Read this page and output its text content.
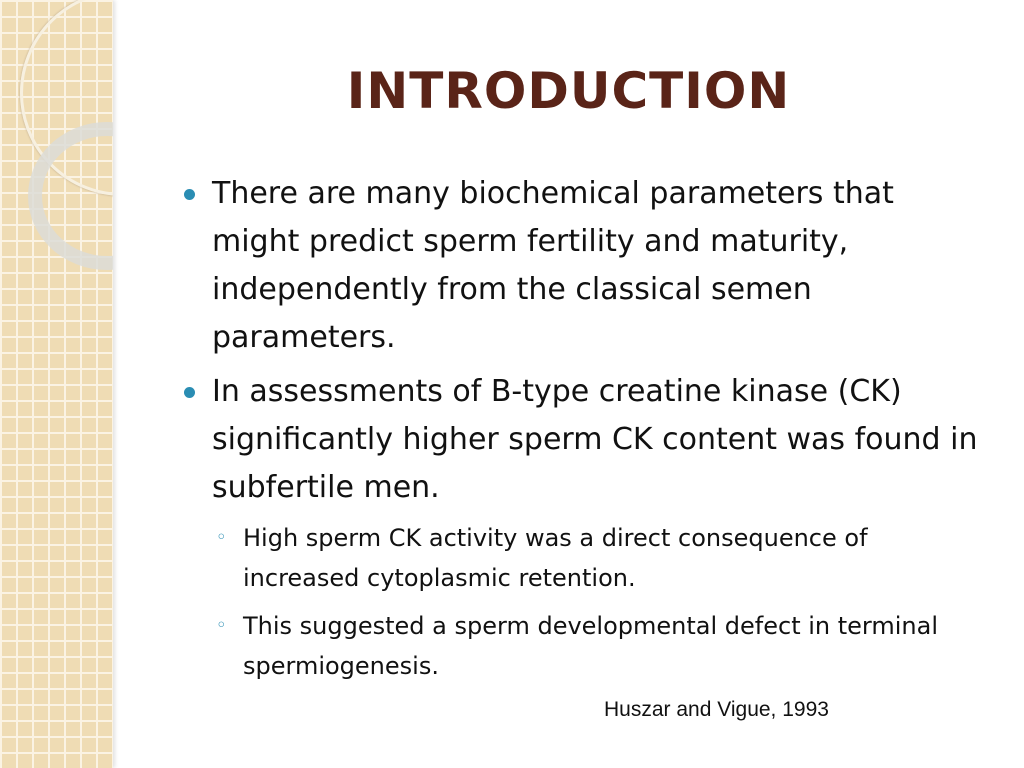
INTRODUCTION
There are many biochemical parameters that might predict sperm fertility and maturity, independently from the classical semen parameters.
In assessments of B-type creatine kinase (CK) significantly higher sperm CK content was found in subfertile men.
◦ High sperm CK activity was a direct consequence of increased cytoplasmic retention.
◦ This suggested a sperm developmental defect in terminal spermiogenesis.
Huszar and Vigue, 1993
